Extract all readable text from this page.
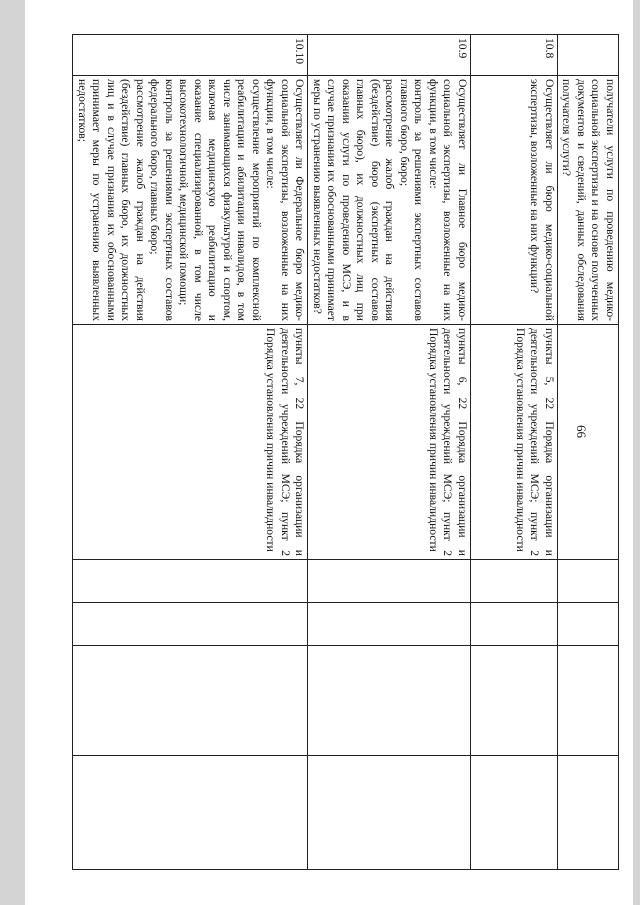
66

	получатели услуги по проведению медико-социальной экспертизы и на основе полученных документов и сведений, данных обследования получателя услуги?					

10.8	Осуществляет ли бюро медико-социальной экспертизы, возложенные на них функции?	пункты 5, 22 Порядка организации и деятельности учреждений МСЭ; пункт 2 Порядка установления причин инвалидности				
10.9	Осуществляет ли Главное бюро медико-социальной экспертизы, возложенные на них функции, в том числе:

контроль за решениями экспертных составов главного бюро, бюро;

рассмотрение жалоб граждан на действия (бездействие) бюро (экспертных составов главных бюро), их должностных лиц при оказании услуги по проведению МСЭ, и в случае признания их обоснованными принимает меры по устранению выявленных недостатков?	пункты 6, 22 Порядка организации и деятельности учреждений МСЭ; пункт 2 Порядка установления причин инвалидности				
10.10	Осуществляет ли Федеральное бюро медико-социальной экспертизы, возложенные на них функции, в том числе:

осуществление мероприятий по комплексной реабилитации и абилитации инвалидов, в том числе занимающихся физкультурой и спортом, включая медицинскую реабилитацию и оказание специализированной, в том числе высокотехнологичной, медицинской помощи;

контроль за решениями экспертных составов федерального бюро, главных бюро;

рассмотрение жалоб граждан на действия (бездействие) главных бюро, их должностных лиц и в случае признания их обоснованными принимает меры по устранению выявленных недостатков;	пункты 7, 22 Порядка организации и деятельности учреждений МСЭ; пункт 2 Порядка установления причин инвалидности				
